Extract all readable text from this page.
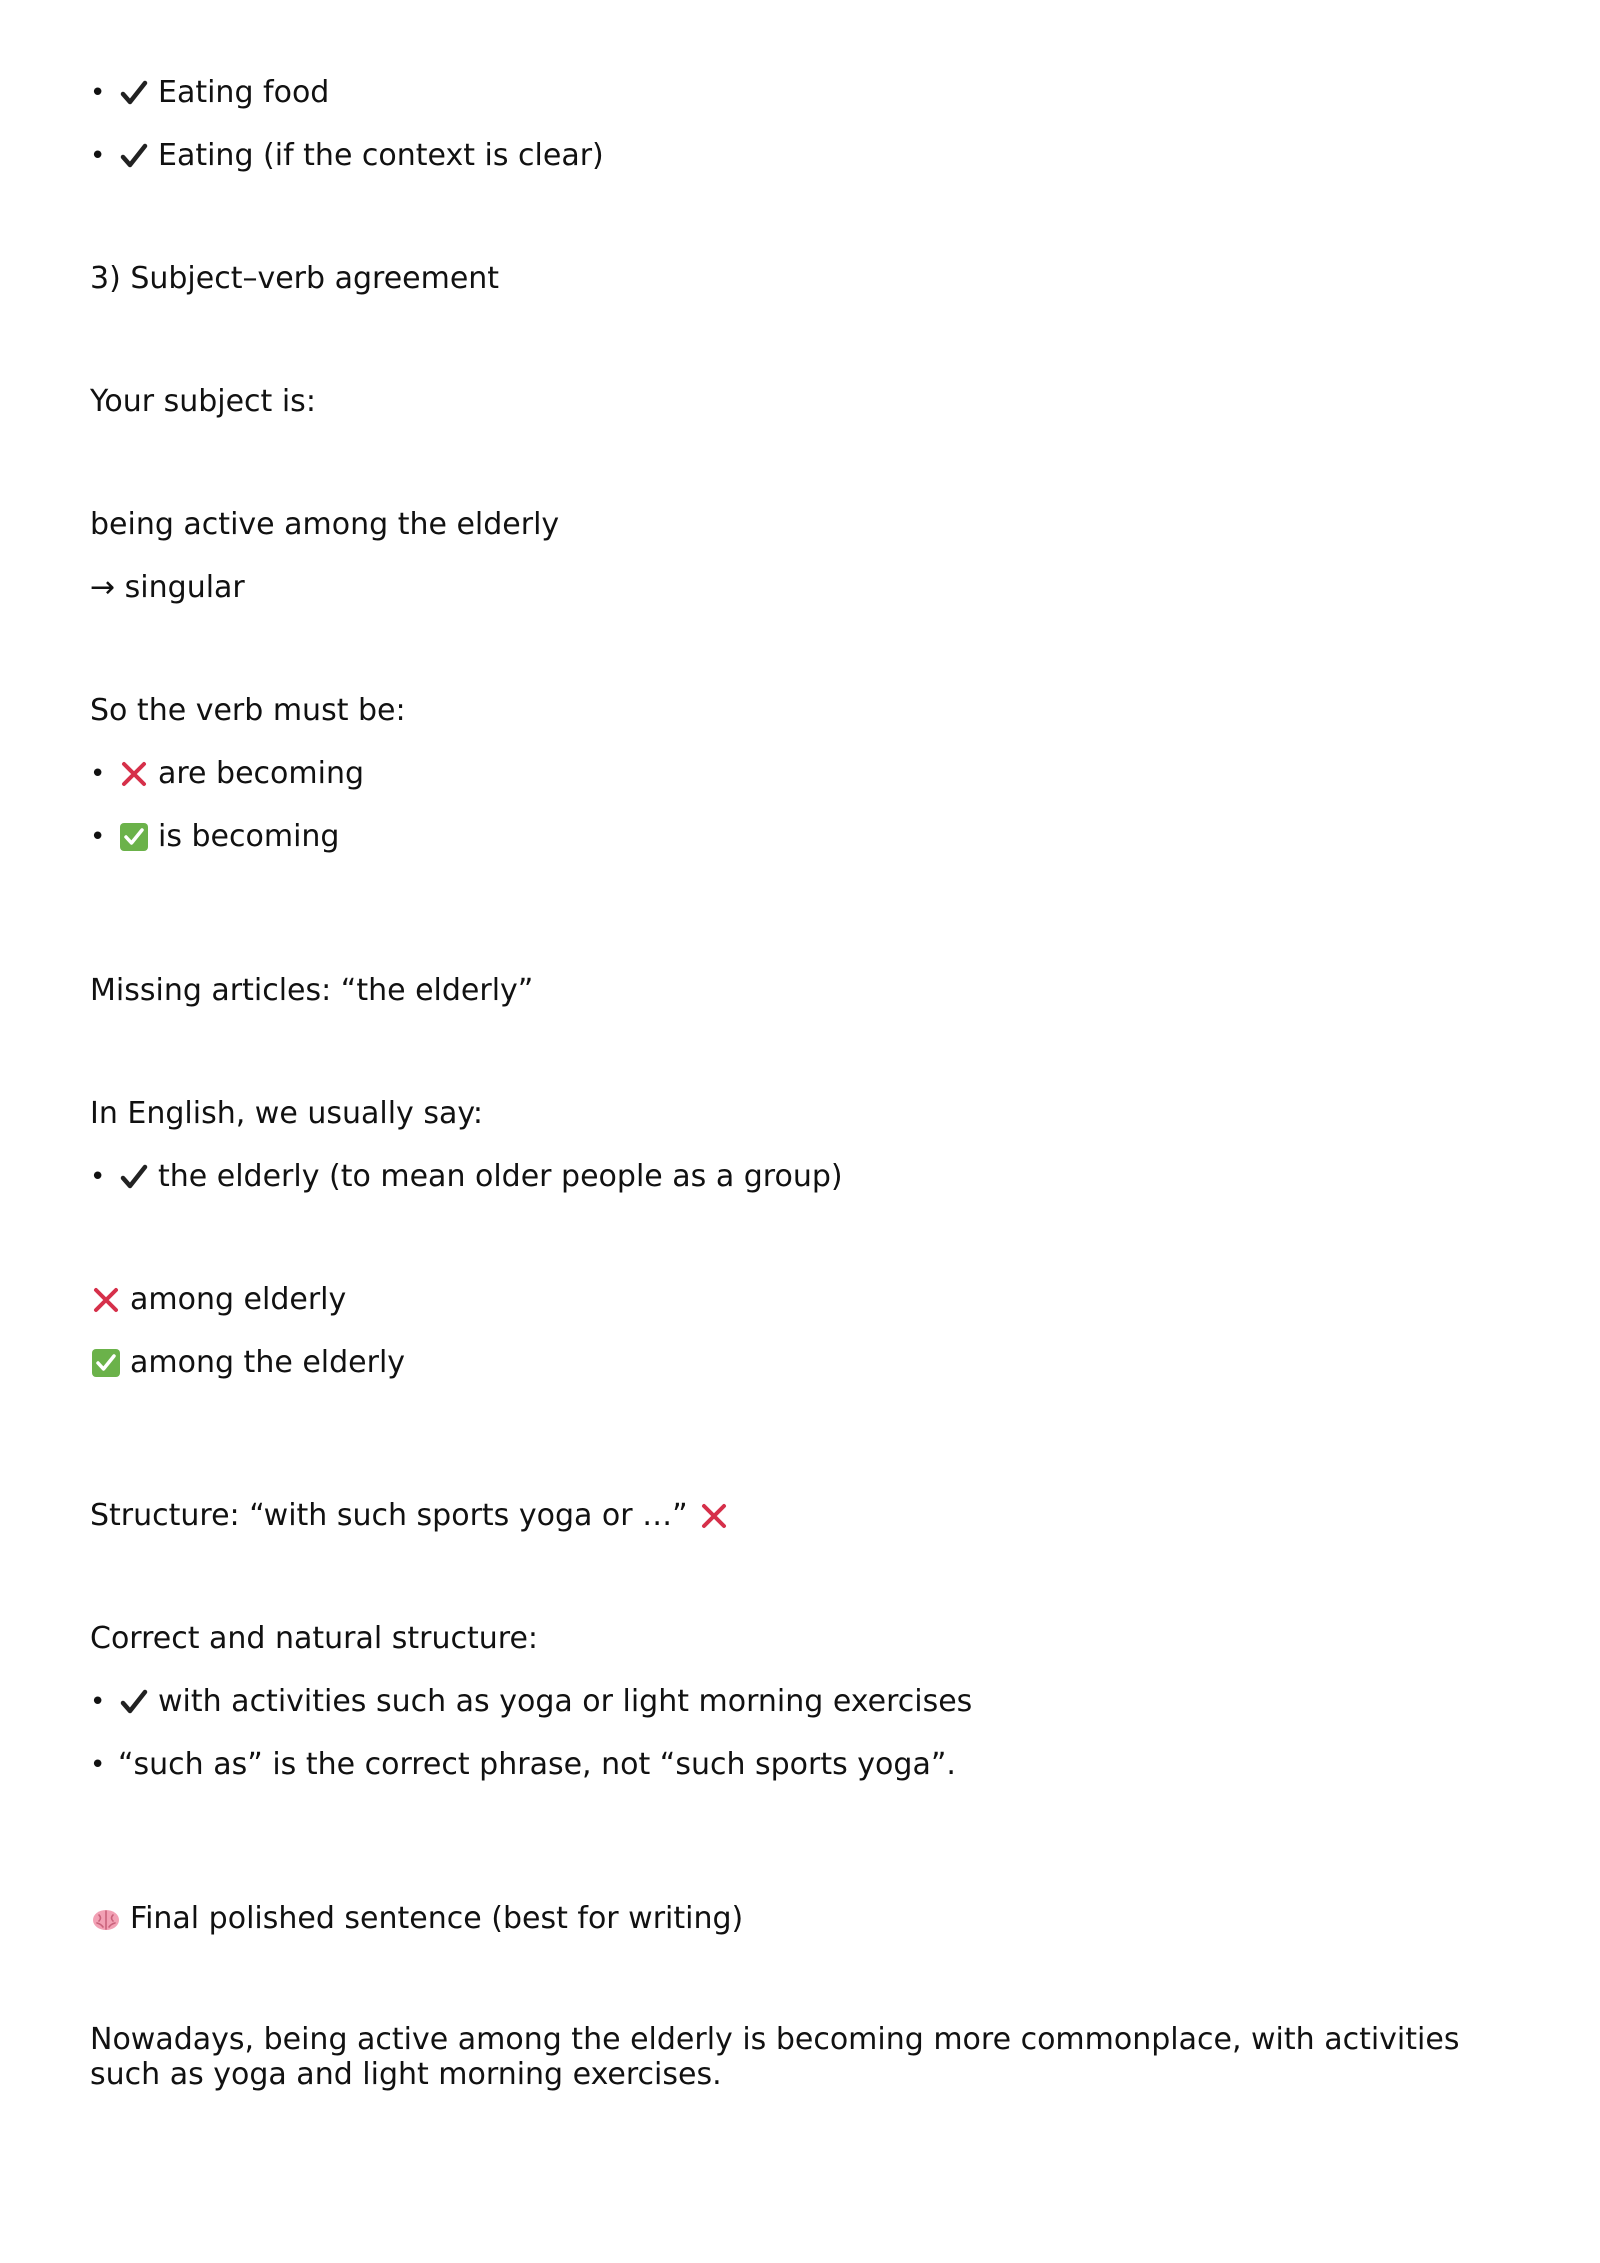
•	Eating food
•	Eating (if the context is clear)
3) Subject–verb agreement
Your subject is:
being active among the elderly
→ singular
So the verb must be:
•	are becoming
•	is becoming
Missing articles: “the elderly”
In English, we usually say:
•	the elderly (to mean older people as a group)
among elderly
among the elderly
Structure: “with such sports yoga or …”
Correct and natural structure:
•	with activities such as yoga or light morning exercises
• “such as” is the correct phrase, not “such sports yoga”.
Final polished sentence (best for writing)
Nowadays, being active among the elderly is becoming more commonplace, with activities such as yoga and light morning exercises.
